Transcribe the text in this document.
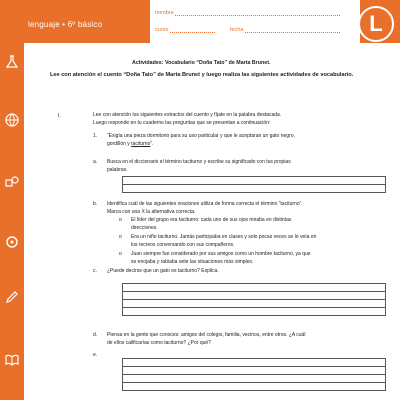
lenguaje • 6º básico
nombre
curso	fecha	L
Actividades: Vocabulario “Doña Tato” de Marta Brunet.
Lee con atención el cuento “Doña Tato” de Marta Brunet y luego realiza las siguientes actividades de vocabulario.
I.	Lee con atención los siguientes extractos del cuento y fíjate en la palabra destacada.
Luego responde en tu cuaderno las preguntas que se presentan a continuación:
1. “Exigía una pieza dormitorio para su uso particular y que le aceptaran un gato negro,
gordillón y taciturno”.
a. Busca en el diccionario el término taciturno y escribe su significado con tus propias
palabras.
b. Identifica cuál de las siguientes oraciones utiliza de forma correcta el término “taciturno”.
Marca con una X la alternativa correcta.
o El líder del grupo era taciturno: cada uno de sus ojos miraba en distintas
direcciones.
o Era un niño taciturno. Jamás participaba en clases y solo pocas veces se lo veía en
los recreos conversando con sus compañeros.
o Juan siempre fue considerado por sus amigos como un hombre taciturno, ya que
se enojaba y rabiaba ante las situaciones más simples.
c. ¿Puede decirse que un gato es taciturno? Explica.
d. Piensa en la gente que conoces: amigos del colegio, familia, vecinos, entre otros. ¿A cuál
de ellos calificarías como taciturno? ¿Por qué?
e.
